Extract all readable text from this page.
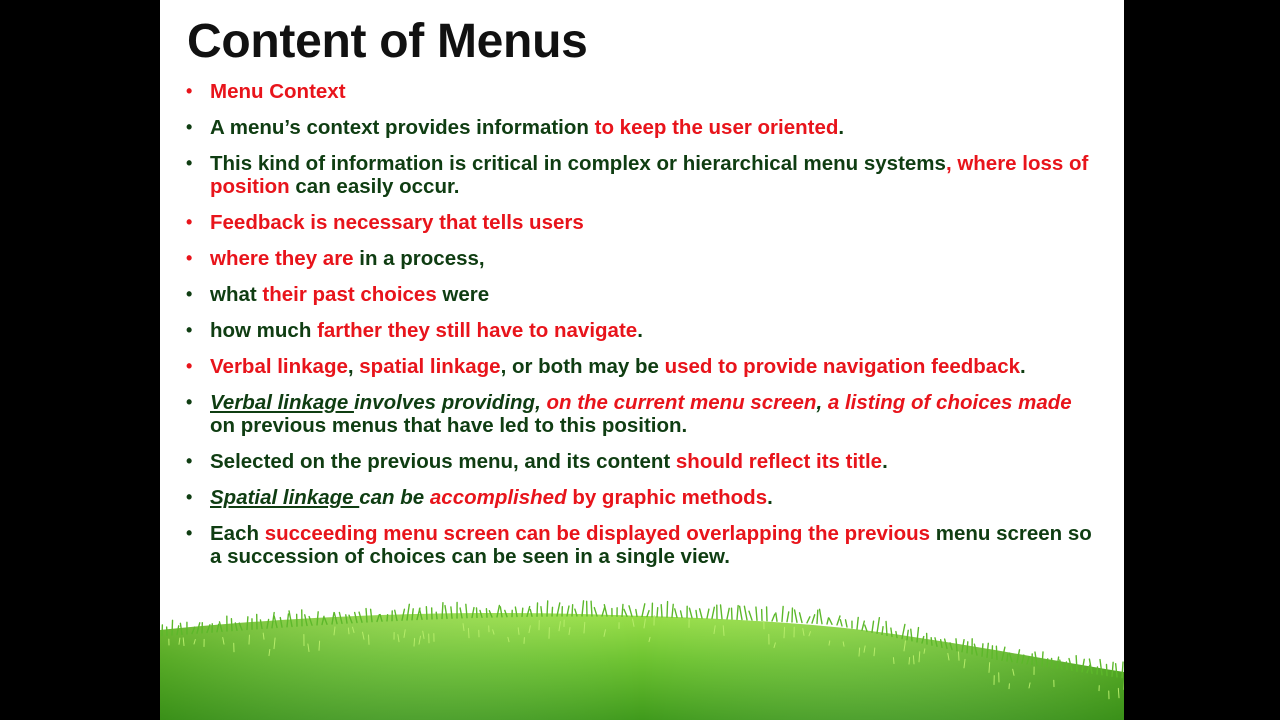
Content of Menus
• Menu Context
• A menu’s context provides information to keep the user oriented.
• This kind of information is critical in complex or hierarchical menu systems, where loss of position can easily occur.
• Feedback is necessary that tells users
• where they are in a process,
• what their past choices were
• how much farther they still have to navigate.
• Verbal linkage, spatial linkage, or both may be used to provide navigation feedback.
• Verbal linkage involves providing, on the current menu screen, a listing of choices made on previous menus that have led to this position.
• Selected on the previous menu, and its content should reflect its title.
• Spatial linkage can be accomplished by graphic methods.
• Each succeeding menu screen can be displayed overlapping the previous menu screen so a succession of choices can be seen in a single view.
